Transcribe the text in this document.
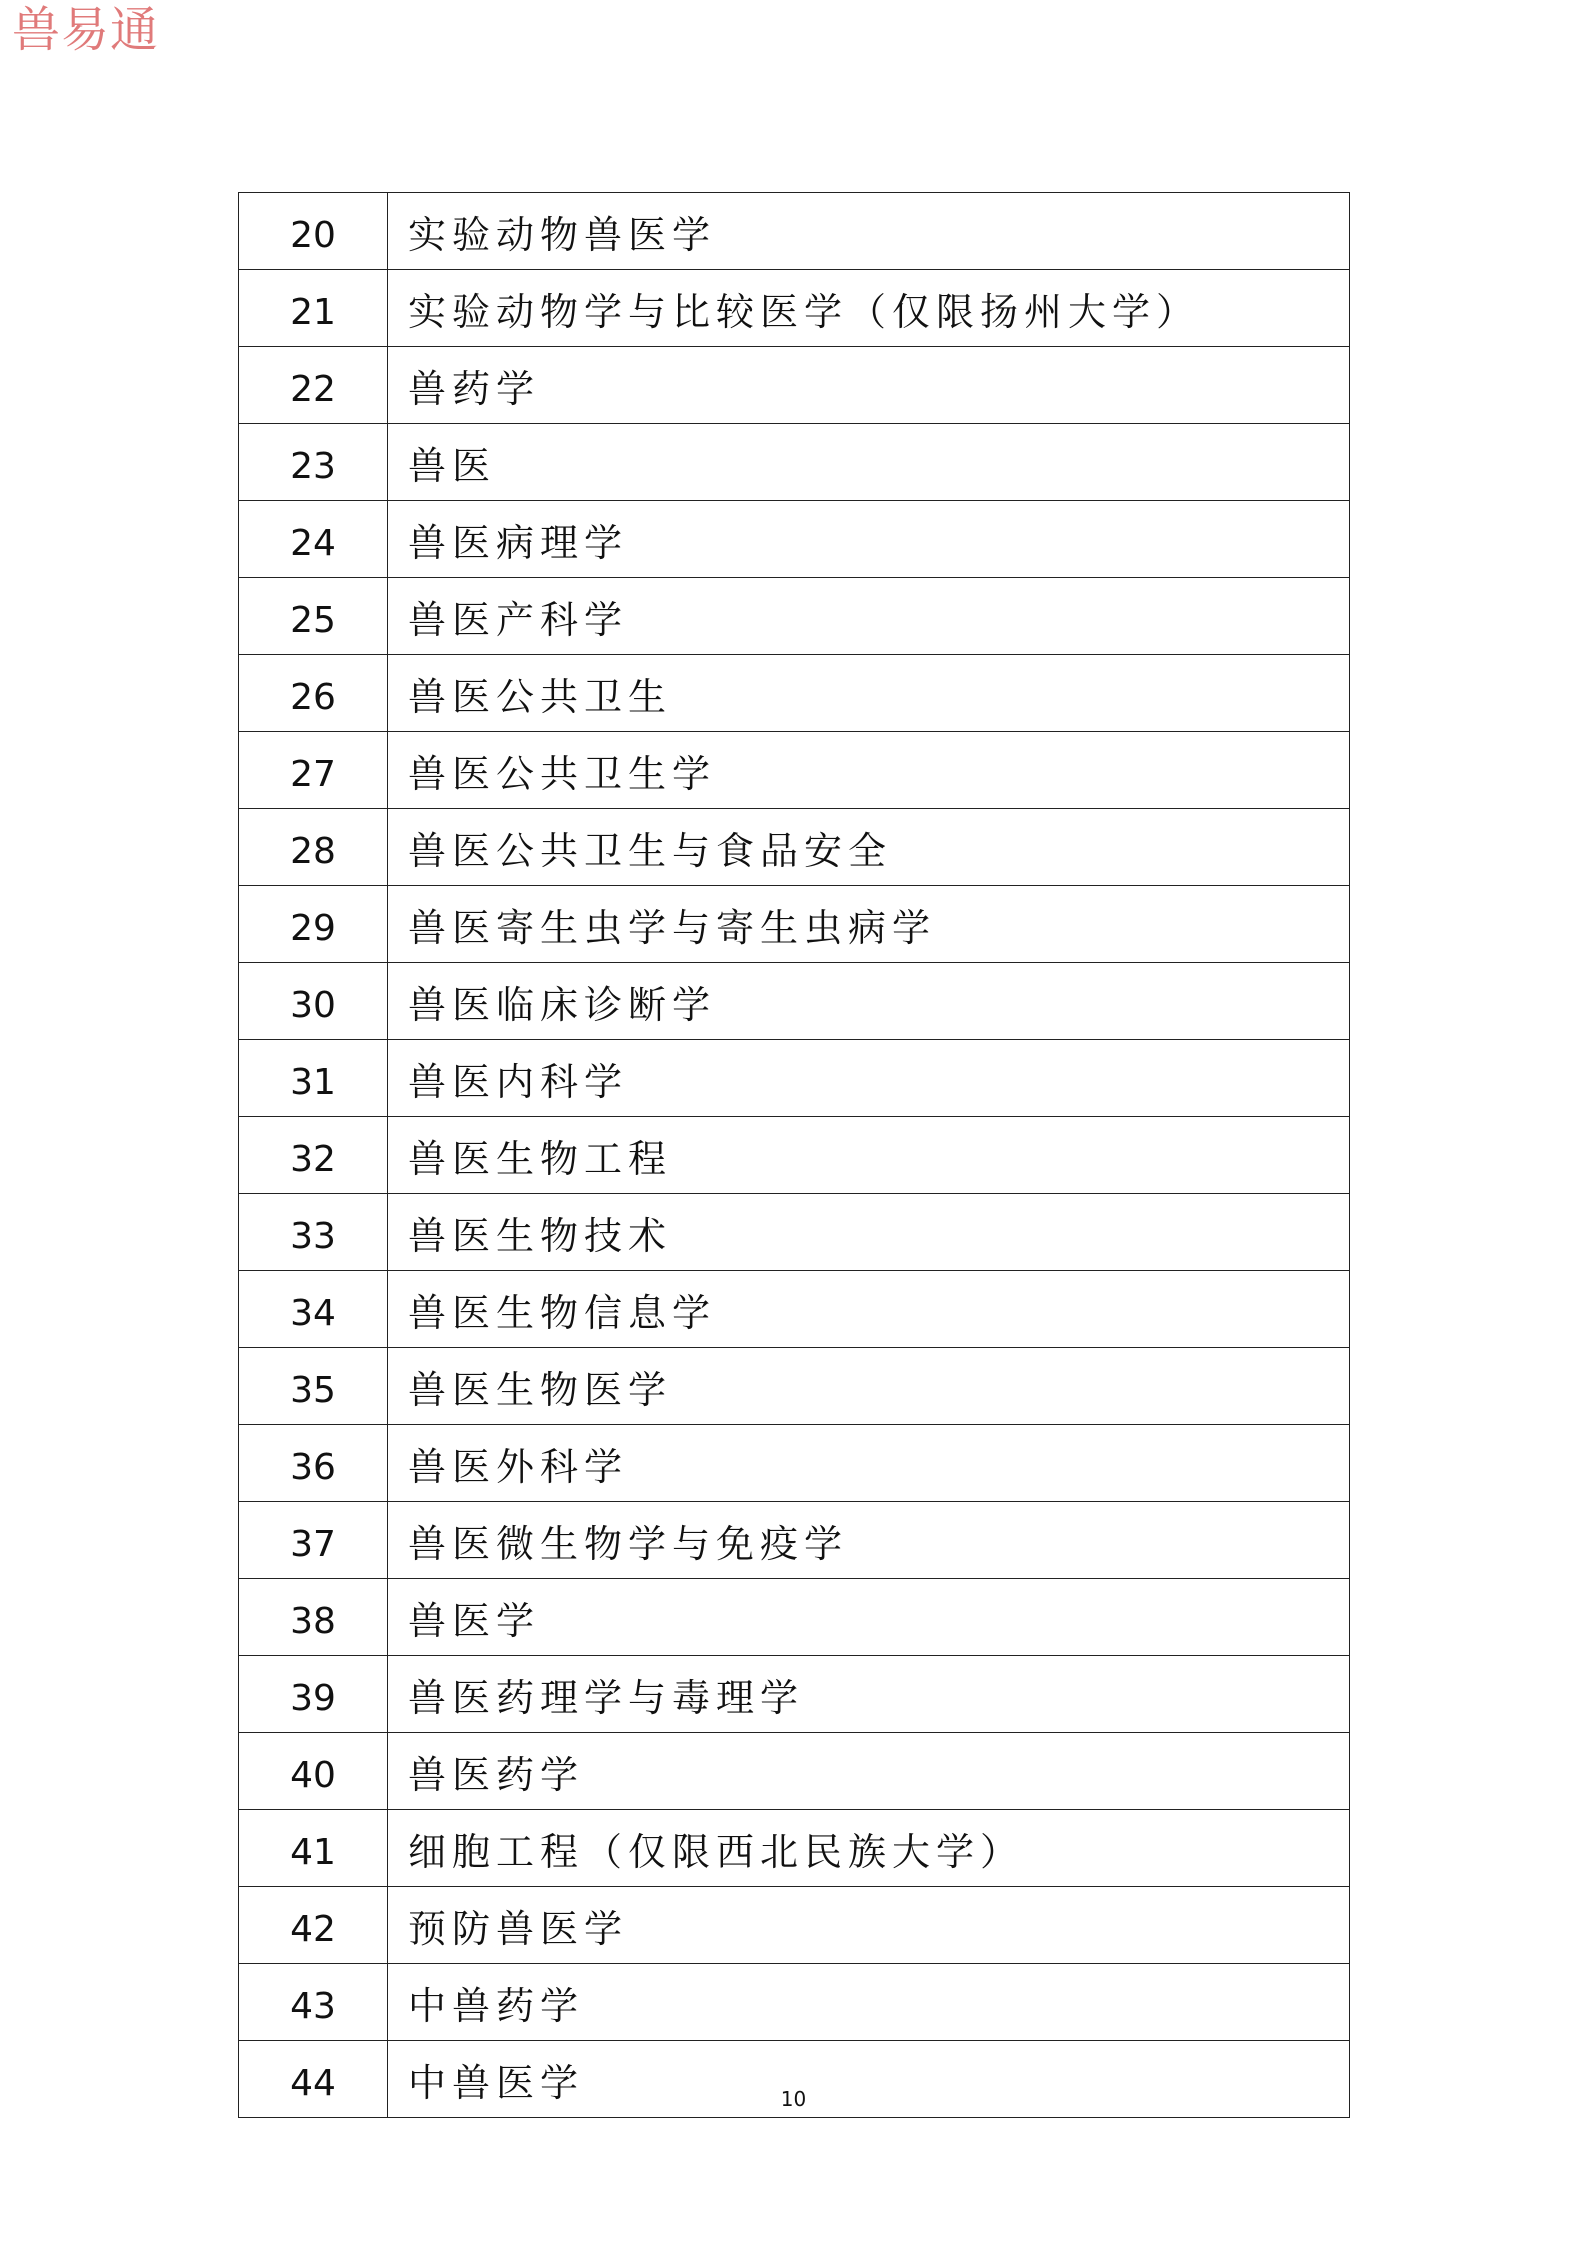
兽易通
20	实验动物兽医学
21	实验动物学与比较医学（仅限扬州大学）
22	兽药学
23	兽医
24	兽医病理学
25	兽医产科学
26	兽医公共卫生
27	兽医公共卫生学
28	兽医公共卫生与食品安全
29	兽医寄生虫学与寄生虫病学
30	兽医临床诊断学
31	兽医内科学
32	兽医生物工程
33	兽医生物技术
34	兽医生物信息学
35	兽医生物医学
36	兽医外科学
37	兽医微生物学与免疫学
38	兽医学
39	兽医药理学与毒理学
40	兽医药学
41	细胞工程（仅限西北民族大学）
42	预防兽医学
43	中兽药学
44	中兽医学	10
